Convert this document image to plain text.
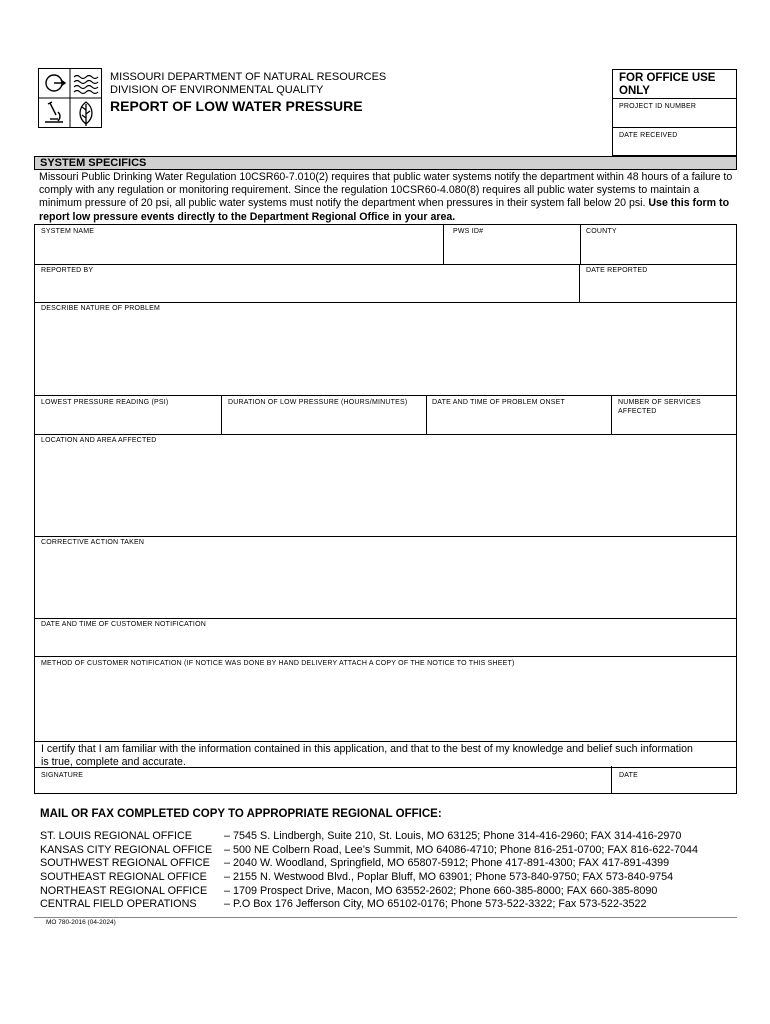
MISSOURI DEPARTMENT OF NATURAL RESOURCES
DIVISION OF ENVIRONMENTAL QUALITY
REPORT OF LOW WATER PRESSURE
FOR OFFICE USE ONLY
PROJECT ID NUMBER
DATE RECEIVED
SYSTEM SPECIFICS
Missouri Public Drinking Water Regulation 10CSR60-7.010(2) requires that public water systems notify the department within 48 hours of a failure to comply with any regulation or monitoring requirement. Since the regulation 10CSR60-4.080(8) requires all public water systems to maintain a minimum pressure of 20 psi, all public water systems must notify the department when pressures in their system fall below 20 psi. Use this form to report low pressure events directly to the Department Regional Office in your area.
SYSTEM NAME	PWS ID#	COUNTY
REPORTED BY	DATE REPORTED
DESCRIBE NATURE OF PROBLEM
LOWEST PRESSURE READING (PSI)	DURATION OF LOW PRESSURE (HOURS/MINUTES)	DATE AND TIME OF PROBLEM ONSET	NUMBER OF SERVICES AFFECTED
LOCATION AND AREA AFFECTED
CORRECTIVE ACTION TAKEN
DATE AND TIME OF CUSTOMER NOTIFICATION
METHOD OF CUSTOMER NOTIFICATION (IF NOTICE WAS DONE BY HAND DELIVERY ATTACH A COPY OF THE NOTICE TO THIS SHEET)
I certify that I am familiar with the information contained in this application, and that to the best of my knowledge and belief such information is true, complete and accurate.
SIGNATURE	DATE
MAIL OR FAX COMPLETED COPY TO APPROPRIATE REGIONAL OFFICE:
ST. LOUIS REGIONAL OFFICE	– 7545 S. Lindbergh, Suite 210, St. Louis, MO 63125; Phone 314-416-2960; FAX 314-416-2970
KANSAS CITY REGIONAL OFFICE – 500 NE Colbern Road, Lee’s Summit, MO 64086-4710; Phone 816-251-0700; FAX 816-622-7044
SOUTHWEST REGIONAL OFFICE – 2040 W. Woodland, Springfield, MO 65807-5912; Phone 417-891-4300; FAX 417-891-4399
SOUTHEAST REGIONAL OFFICE – 2155 N. Westwood Blvd., Poplar Bluff, MO 63901; Phone 573-840-9750; FAX 573-840-9754
NORTHEAST REGIONAL OFFICE – 1709 Prospect Drive, Macon, MO 63552-2602; Phone 660-385-8000; FAX 660-385-8090
CENTRAL FIELD OPERATIONS	– P.O Box 176 Jefferson City, MO 65102-0176; Phone 573-522-3322; Fax 573-522-3522
MO 780-2016 (04-2024)
